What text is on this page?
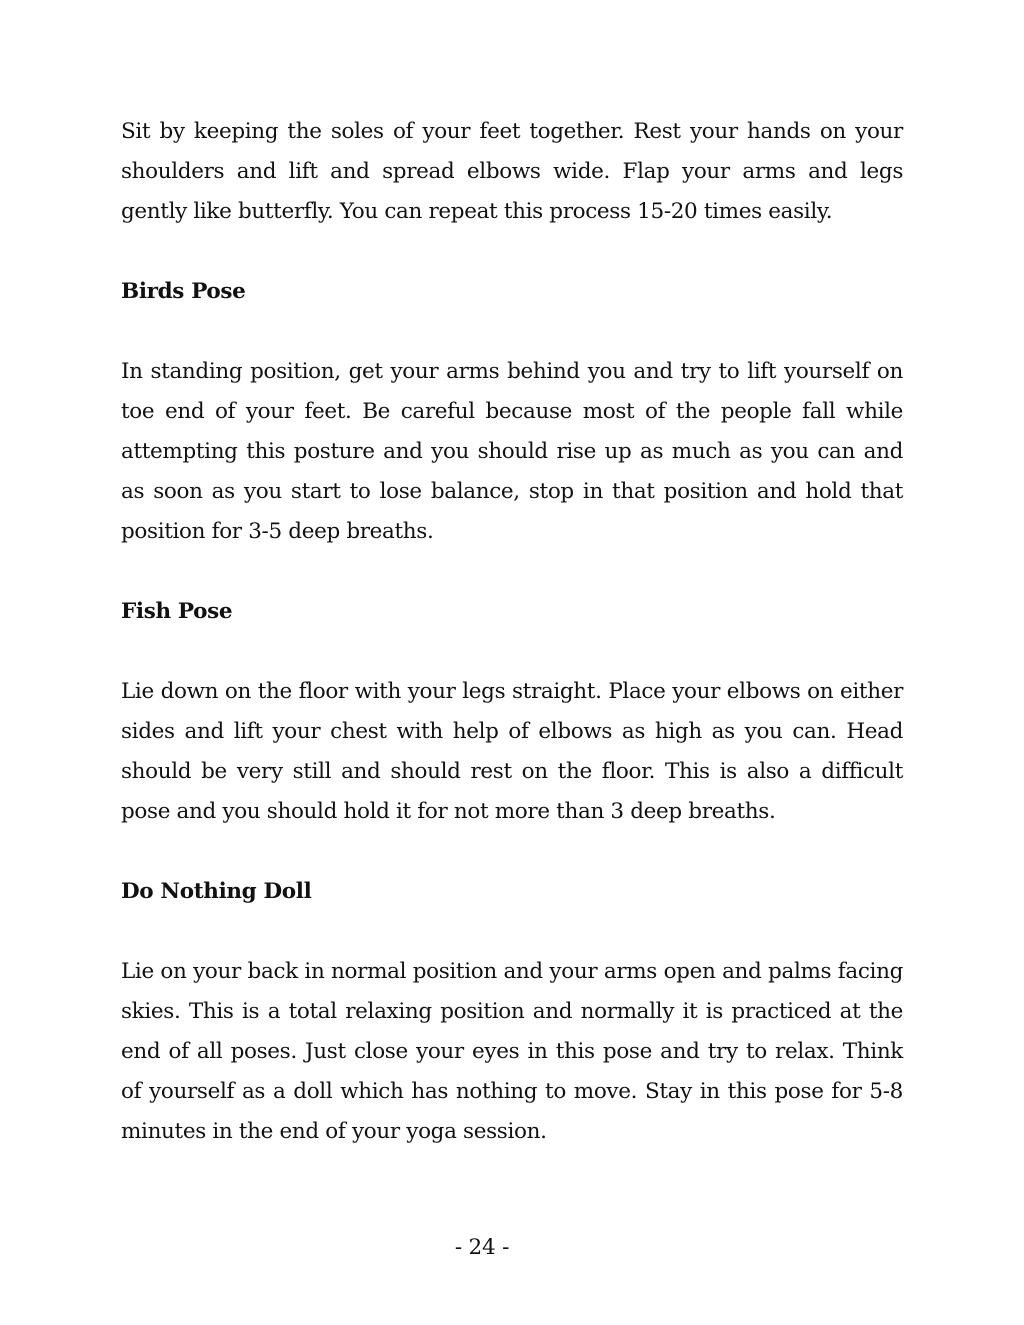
Sit by keeping the soles of your feet together. Rest your hands on your shoulders and lift and spread elbows wide. Flap your arms and legs gently like butterfly. You can repeat this process 15-20 times easily.

Birds Pose

In standing position, get your arms behind you and try to lift yourself on toe end of your feet. Be careful because most of the people fall while attempting this posture and you should rise up as much as you can and as soon as you start to lose balance, stop in that position and hold that position for 3-5 deep breaths.

Fish Pose

Lie down on the floor with your legs straight. Place your elbows on either sides and lift your chest with help of elbows as high as you can. Head should be very still and should rest on the floor. This is also a difficult pose and you should hold it for not more than 3 deep breaths.

Do Nothing Doll

Lie on your back in normal position and your arms open and palms facing skies. This is a total relaxing position and normally it is practiced at the end of all poses. Just close your eyes in this pose and try to relax. Think of yourself as a doll which has nothing to move. Stay in this pose for 5-8 minutes in the end of your yoga session.

- 24 -
